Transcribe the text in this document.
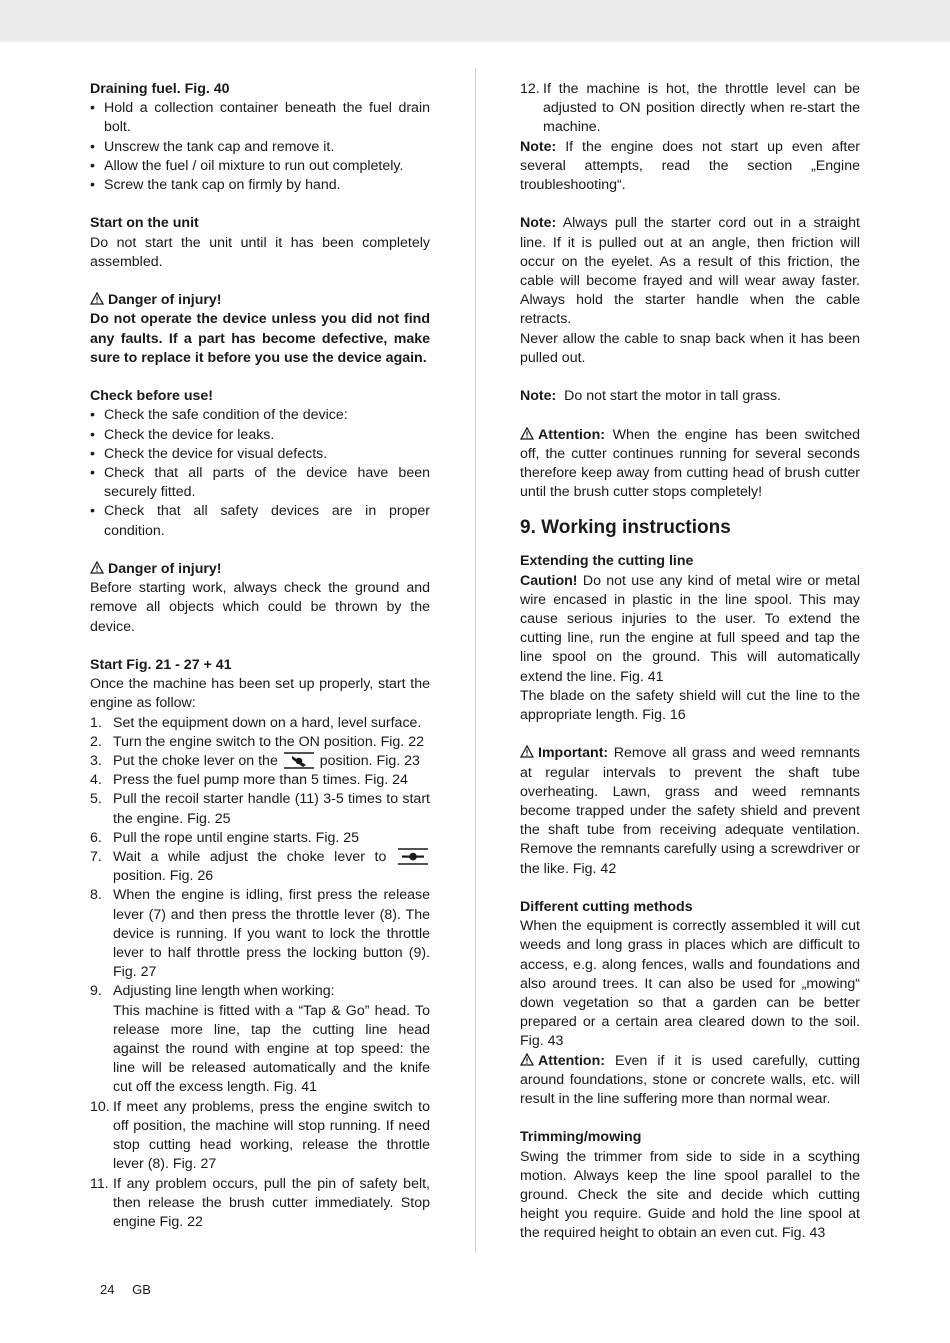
Draining fuel. Fig. 40

• Hold a collection container beneath the fuel drain bolt.
• Unscrew the tank cap and remove it.
• Allow the fuel / oil mixture to run out completely.
• Screw the tank cap on firmly by hand.

Start on the unit

Do not start the unit until it has been completely assembled.

Danger of injury!

Do not operate the device unless you did not find any faults. If a part has become defective, make sure to replace it before you use the device again.

Check before use!

• Check the safe condition of the device:
• Check the device for leaks.
• Check the device for visual defects.
• Check that all parts of the device have been securely fitted.
• Check that all safety devices are in proper condition.

Danger of injury!

Before starting work, always check the ground and remove all objects which could be thrown by the device.

Start Fig. 21 - 27 + 41

Once the machine has been set up properly, start the engine as follow:

1. Set the equipment down on a hard, level surface.
2. Turn the engine switch to the ON position. Fig. 22
3. Put the choke lever on the	position. Fig. 23
4. Press the fuel pump more than 5 times. Fig. 24
5. Pull the recoil starter handle (11) 3-5 times to start the engine. Fig. 25
6. Pull the rope until engine starts. Fig. 25
7. Wait a while adjust the choke lever to  position. Fig. 26
8. When the engine is idling, first press the release lever (7) and then press the throttle lever (8). The device is running. If you want to lock the throttle lever to half throttle press the locking button (9). Fig. 27
9. Adjusting line length when working:
This machine is fitted with a “Tap & Go” head. To release more line, tap the cutting line head against the round with engine at top speed: the line will be released automatically and the knife cut off the excess length. Fig. 41
10. If meet any problems, press the engine switch to off position, the machine will stop running. If need stop cutting head working, release the throttle lever (8). Fig. 27
11. If any problem occurs, pull the pin of safety belt, then release the brush cutter immediately. Stop engine Fig. 22
12. If the machine is hot, the throttle level can be adjusted to ON position directly when re-start the machine.

Note: If the engine does not start up even after several attempts, read the section „Engine troubleshooting“.

Note: Always pull the starter cord out in a straight line. If it is pulled out at an angle, then friction will occur on the eyelet. As a result of this friction, the cable will become frayed and will wear away faster. Always hold the starter handle when the cable retracts.

Never allow the cable to snap back when it has been pulled out.

Note: Do not start the motor in tall grass.

Attention: When the engine has been switched off, the cutter continues running for several seconds therefore keep away from cutting head of brush cutter until the brush cutter stops completely!

9. Working instructions

Extending the cutting line

Caution! Do not use any kind of metal wire or metal wire encased in plastic in the line spool. This may cause serious injuries to the user. To extend the cutting line, run the engine at full speed and tap the line spool on the ground. This will automatically extend the line. Fig. 41

The blade on the safety shield will cut the line to the appropriate length. Fig. 16

Important: Remove all grass and weed remnants at regular intervals to prevent the shaft tube overheating. Lawn, grass and weed remnants become trapped under the safety shield and prevent the shaft tube from receiving adequate ventilation. Remove the remnants carefully using a screwdriver or the like. Fig. 42

Different cutting methods

When the equipment is correctly assembled it will cut weeds and long grass in places which are difficult to access, e.g. along fences, walls and foundations and also around trees. It can also be used for „mowing“ down vegetation so that a garden can be better prepared or a certain area cleared down to the soil. Fig. 43

Attention: Even if it is used carefully, cutting around foundations, stone or concrete walls, etc. will result in the line suffering more than normal wear.

Trimming/mowing

Swing the trimmer from side to side in a scything motion. Always keep the line spool parallel to the ground. Check the site and decide which cutting height you require. Guide and hold the line spool at the required height to obtain an even cut. Fig. 43

24 GB
